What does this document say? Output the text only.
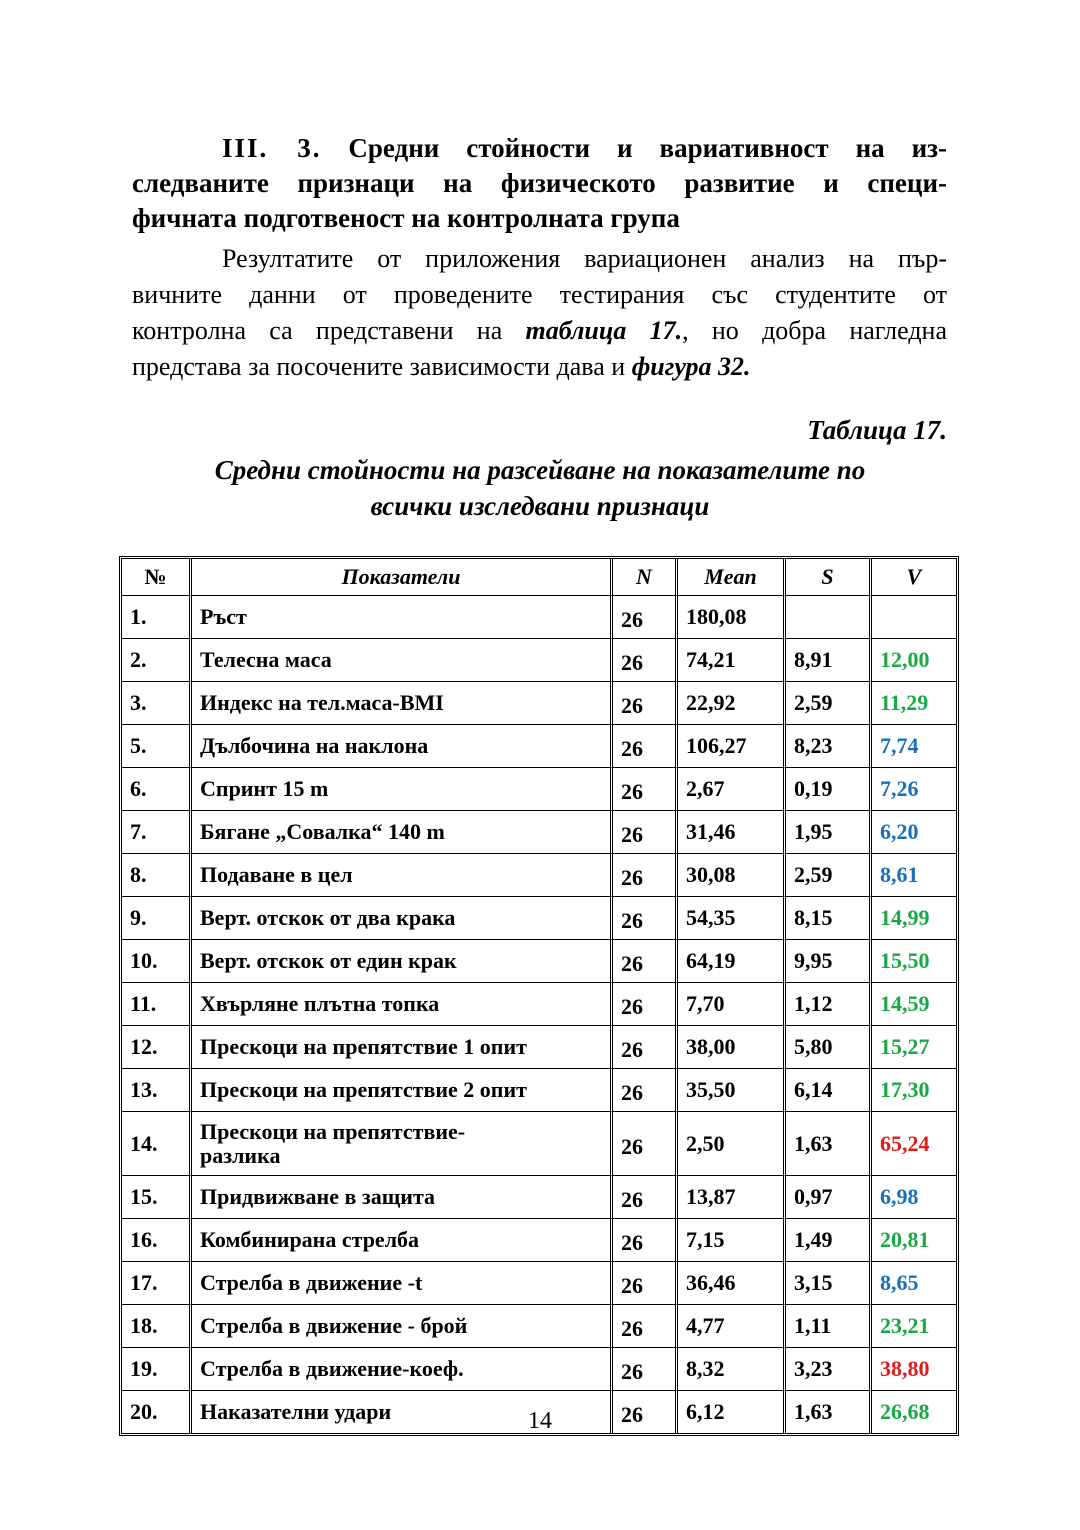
III. 3. Средни стойности и вариативност на из-
следваните признаци на физическото развитие и специ-
фичната подготвеност на контролната група
Резултатите от приложения вариационен анализ на пър-
вичните данни от проведените тестирания със студентите от
контролна са представени на таблица 17., но добра нагледна
представа за посочените зависимости дава и фигура 32.
Таблица 17.
Средни стойности на разсейване на показателите по
всички изследвани признаци
№	Показатели	N	Mean	S	V
1.	Ръст	26	180,08		
2.	Телесна маса	26	74,21	8,91	12,00
3.	Индекс на тел.маса-BMI	26	22,92	2,59	11,29
5.	Дълбочина на наклона	26	106,27	8,23	7,74
6.	Спринт 15 m	26	2,67	0,19	7,26
7.	Бягане „Совалка“ 140 m	26	31,46	1,95	6,20
8.	Подаване в цел	26	30,08	2,59	8,61
9.	Верт. отскок от два крака	26	54,35	8,15	14,99
10.	Верт. отскок от един крак	26	64,19	9,95	15,50
11.	Хвърляне плътна топка	26	7,70	1,12	14,59
12.	Прескоци на препятствие 1 опит	26	38,00	5,80	15,27
13.	Прескоци на препятствие 2 опит	26	35,50	6,14	17,30
14.	Прескоци на препятствие-
разлика	26	2,50	1,63	65,24
15.	Придвижване в защита	26	13,87	0,97	6,98
16.	Комбинирана стрелба	26	7,15	1,49	20,81
17.	Стрелба в движение -t	26	36,46	3,15	8,65
18.	Стрелба в движение - брой	26	4,77	1,11	23,21
19.	Стрелба в движение-коеф.	26	8,32	3,23	38,80
20.	Наказателни удари	26	6,12	1,63	26,68
14
